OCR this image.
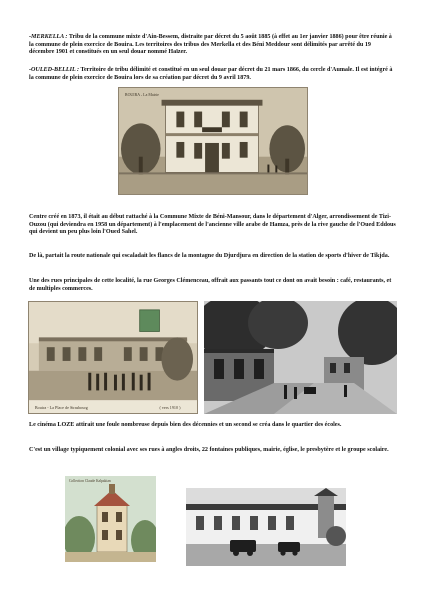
-MERKELLA : Tribu de la commune mixte d'Ain-Bessem, distraite par décret du 5 août 1885 (à effet au 1er janvier 1886) pour être réunie à la commune de plein exercice de Bouira. Les territoires des tribus des Merkella et des Béni Meddour sont délimités par arrêté du 19 décembre 1901 et constitués en un seul douar nommé Haïzer.

-OULED-BELLIL : Territoire de tribu délimité et constitué en un seul douar par décret du 21 mars 1866, du cercle d'Aumale. Il est intégré à la commune de plein exercice de Bouira lors de sa création par décret du 9 avril 1879.

BOUIRA - La Mairie

Centre créé en 1873, il était au début rattaché à la Commune Mixte de Béni-Mansour, dans le département d'Alger, arrondissement de Tizi-Ouzou (qui deviendra en 1958 un département) à l'emplacement de l'ancienne ville arabe de Hamza, près de la rive gauche de l'Oued Eddous qui devient un peu plus loin l'Oued Sahel.

De là, partait la route nationale qui escaladait les flancs de la montagne du Djurdjura en direction de la station de sports d'hiver de Tikjda.

Une des rues principales de cette localité, la rue Georges Clémenceau, offrait aux passants tout ce dont on avait besoin : café, restaurants, et de multiples commerces.

Bouira - La Place de Strasbourg	( vers 1910 )

Le cinéma LOZE attirait une foule nombreuse depuis bien des décennies et un second se créa dans le quartier des écoles.

C'est un village typiquement colonial avec ses rues à angles droits, 22 fontaines publiques, mairie, église, le presbytère et le groupe scolaire.

Collection Claude Kalpakian
